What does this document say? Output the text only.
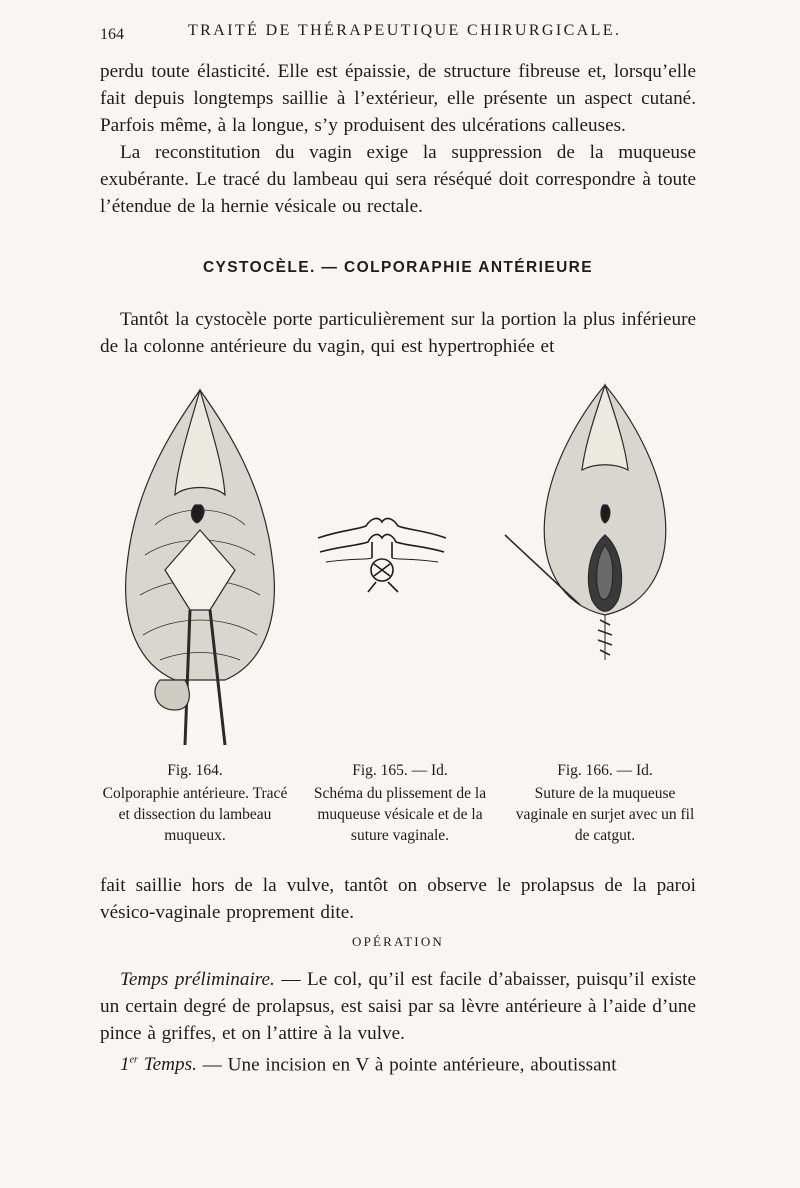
164	TRAITÉ DE THÉRAPEUTIQUE CHIRURGICALE.

perdu toute élasticité. Elle est épaissie, de structure fibreuse et, lorsqu’elle fait depuis longtemps saillie à l’extérieur, elle présente un aspect cutané. Parfois même, à la longue, s’y produisent des ulcérations calleuses.

La reconstitution du vagin exige la suppression de la muqueuse exubérante. Le tracé du lambeau qui sera réséqué doit correspondre à toute l’étendue de la hernie vésicale ou rectale.

CYSTOCÈLE. — COLPORAPHIE ANTÉRIEURE

Tantôt la cystocèle porte particulièrement sur la portion la plus inférieure de la colonne antérieure du vagin, qui est hypertrophiée et

Fig. 164.
Colporaphie antérieure. Tracé et dissection du lambeau muqueux.
Fig. 165. — Id.
Schéma du plissement de la muqueuse vésicale et de la suture vaginale.
Fig. 166. — Id.
Suture de la muqueuse vaginale en surjet avec un fil de catgut.

fait saillie hors de la vulve, tantôt on observe le prolapsus de la paroi vésico-vaginale proprement dite.

OPÉRATION

Temps préliminaire. — Le col, qu’il est facile d’abaisser, puisqu’il existe un certain degré de prolapsus, est saisi par sa lèvre antérieure à l’aide d’une pince à griffes, et on l’attire à la vulve.

1er Temps. — Une incision en V à pointe antérieure, aboutissant
